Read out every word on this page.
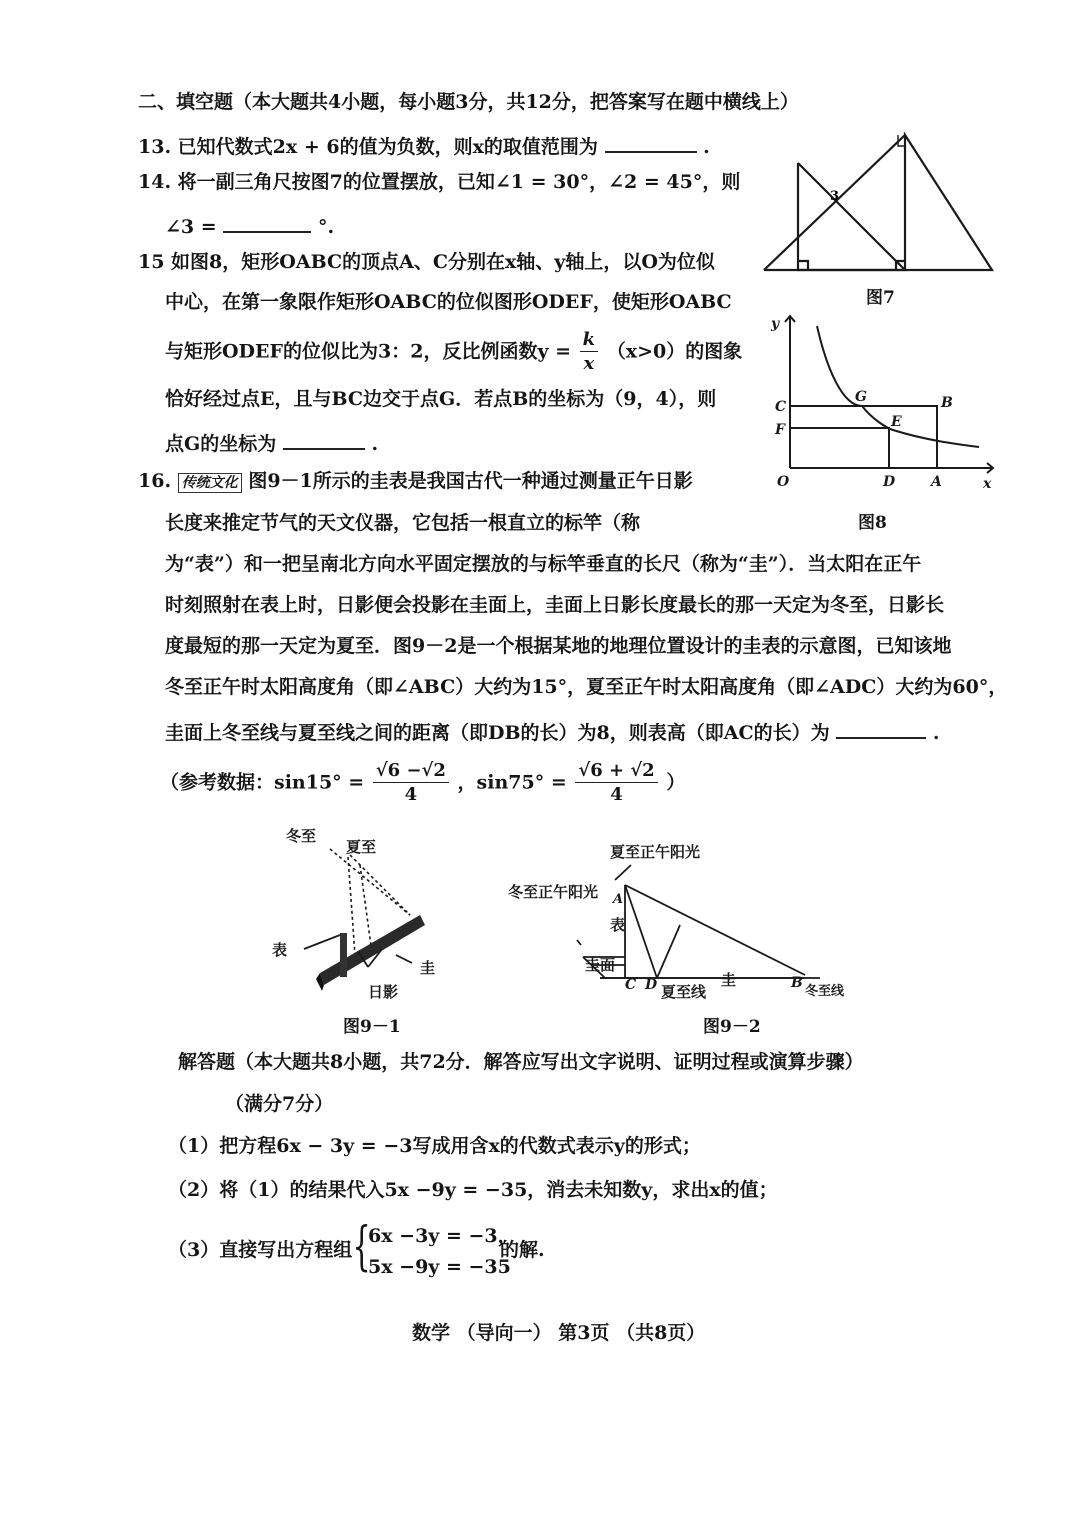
二、填空题（本大题共4小题，每小题3分，共12分，把答案写在题中横线上）
13. 已知代数式2x + 6的值为负数，则x的取值范围为	.
14. 将一副三角尺按图7的位置摆放，已知∠1 = 30°，∠2 = 45°，则
∠3 =	°.
3
图7
15 如图8，矩形OABC的顶点A、C分别在x轴、y轴上，以O为位似
中心，在第一象限作矩形OABC的位似图形ODEF，使矩形OABC
与矩形ODEF的位似比为3：2，反比例函数$y = \frac{k}{x} (x>0)$的图象
恰好经过点E，且与BC边交于点G．若点B的坐标为（9，4），则
点G的坐标为	.
y
x
O
C
F
G	B
E
D	A
图8
16. 传统文化 图9－1所示的圭表是我国古代一种通过测量正午日影
长度来推定节气的天文仪器，它包括一根直立的标竿（称
为“表”）和一把呈南北方向水平固定摆放的与标竿垂直的长尺（称为“圭”）．当太阳在正午
时刻照射在表上时，日影便会投影在圭面上，圭面上日影长度最长的那一天定为冬至，日影长
度最短的那一天定为夏至．图9－2是一个根据某地的地理位置设计的圭表的示意图，已知该地
冬至正午时太阳高度角（即∠ABC）大约为15°，夏至正午时太阳高度角（即∠ADC）大约为60°，
圭面上冬至线与夏至线之间的距离（即DB的长）为8，则表高（即AC的长）为	.
（参考数据：$\sin 15^\circ = \frac{√6 -√2}{4}$ ，$\sin 75^\circ = \frac{√6 + √2}{4}$ ）
冬至
夏至
表
圭
日影
图9－1
夏至正午阳光
冬至正午阳光 A
表
圭面
C D 夏至线
圭	B
冬至线
图9－2
解答题（本大题共8小题，共72分．解答应写出文字说明、证明过程或演算步骤）
（满分7分）
（1）把方程6x − 3y = −3写成用含x的代数式表示y的形式；
（2）将（1）的结果代入5x −9y = −35，消去未知数y，求出x的值；
（3）直接写出方程组 {
6x −3y = −3，
5x −9y = −35
的解.
数学 （导向一） 第3页 （共8页）
